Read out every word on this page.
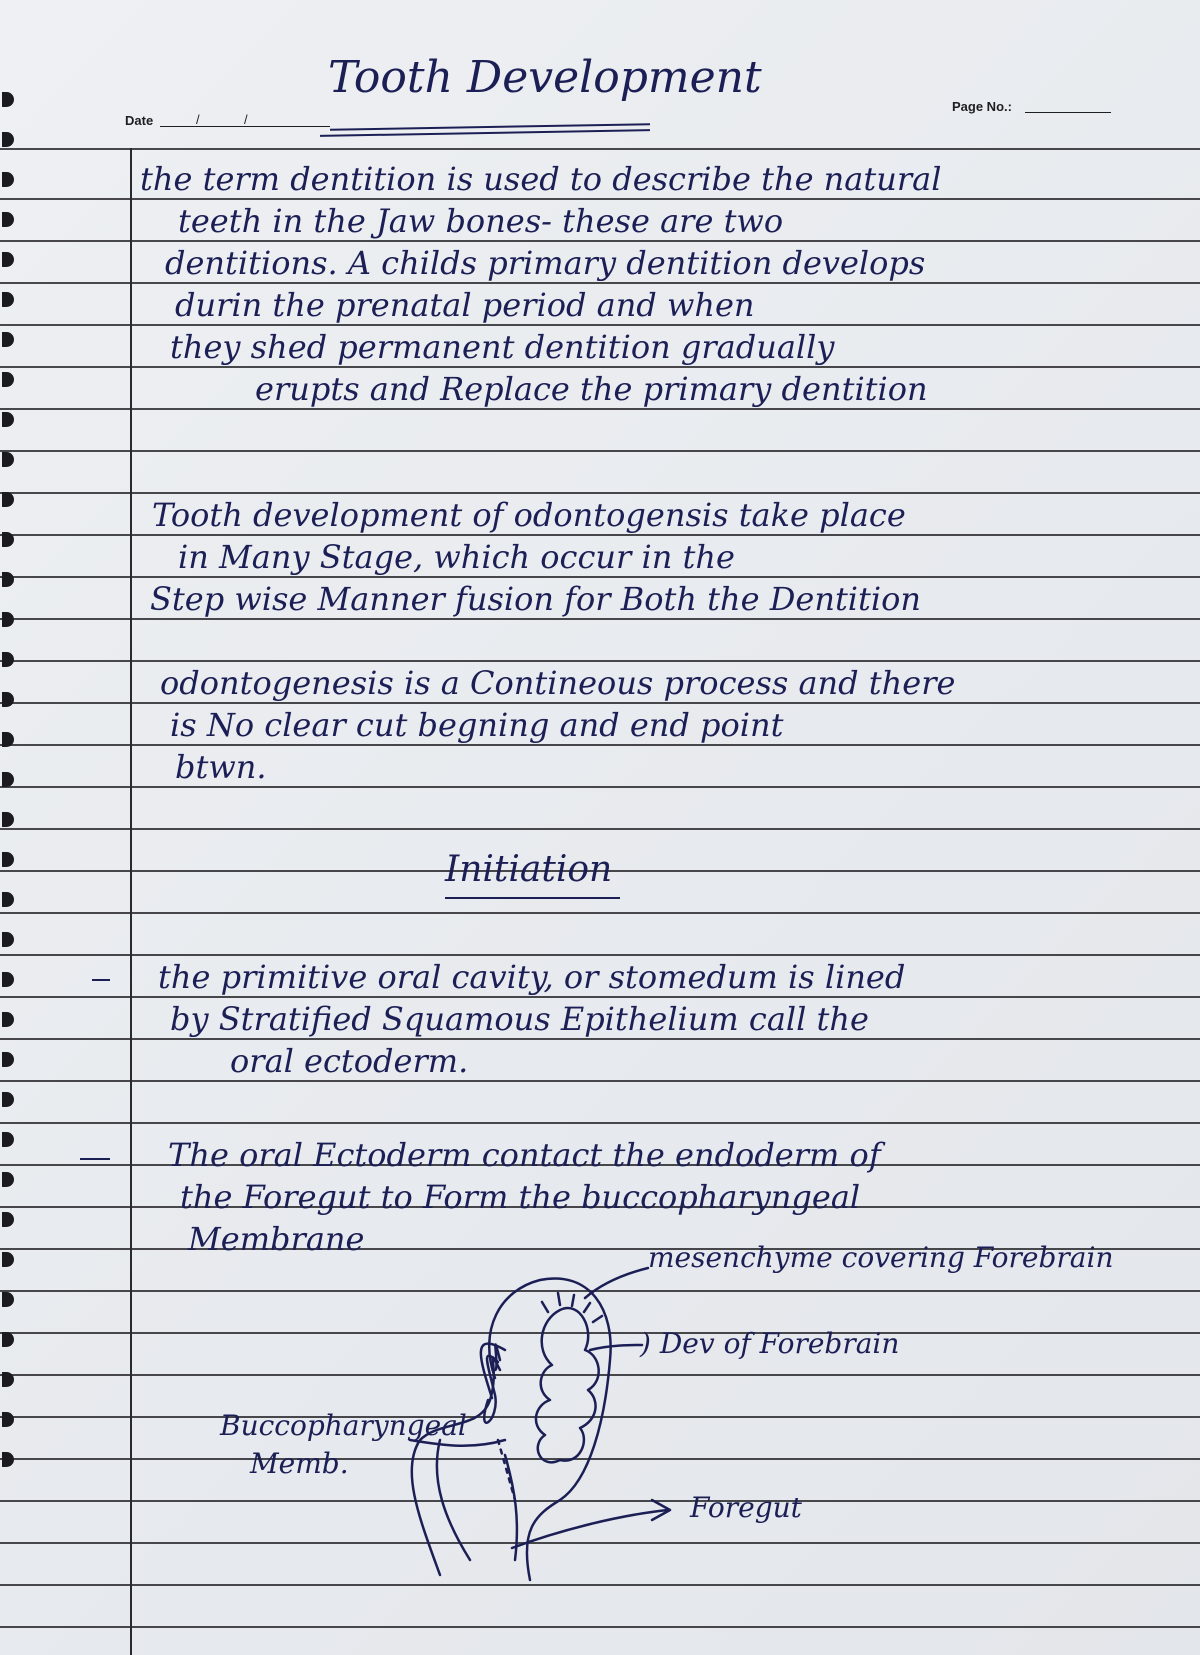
Date	/	/
Page No.:
Tooth Development
the term dentition is used to describe the natural
teeth in the Jaw bones- these are two
dentitions. A childs primary dentition develops
durin the prenatal period and when
they shed permanent dentition gradually
erupts and Replace the primary dentition
Tooth development of odontogensis take place
in Many Stage, which occur in the
Step wise Manner fusion for Both the Dentition
odontogenesis is a Contineous process and there
is No clear cut begning and end point
btwn.
Initiation
the primitive oral cavity, or stomedum is lined
by Stratified Squamous Epithelium call the
oral ectoderm.
The oral Ectoderm contact the endoderm of
the Foregut to Form the buccopharyngeal
Membrane	mesenchyme covering Forebrain
) Dev of Forebrain
Buccopharyngeal
Memb.
Foregut
